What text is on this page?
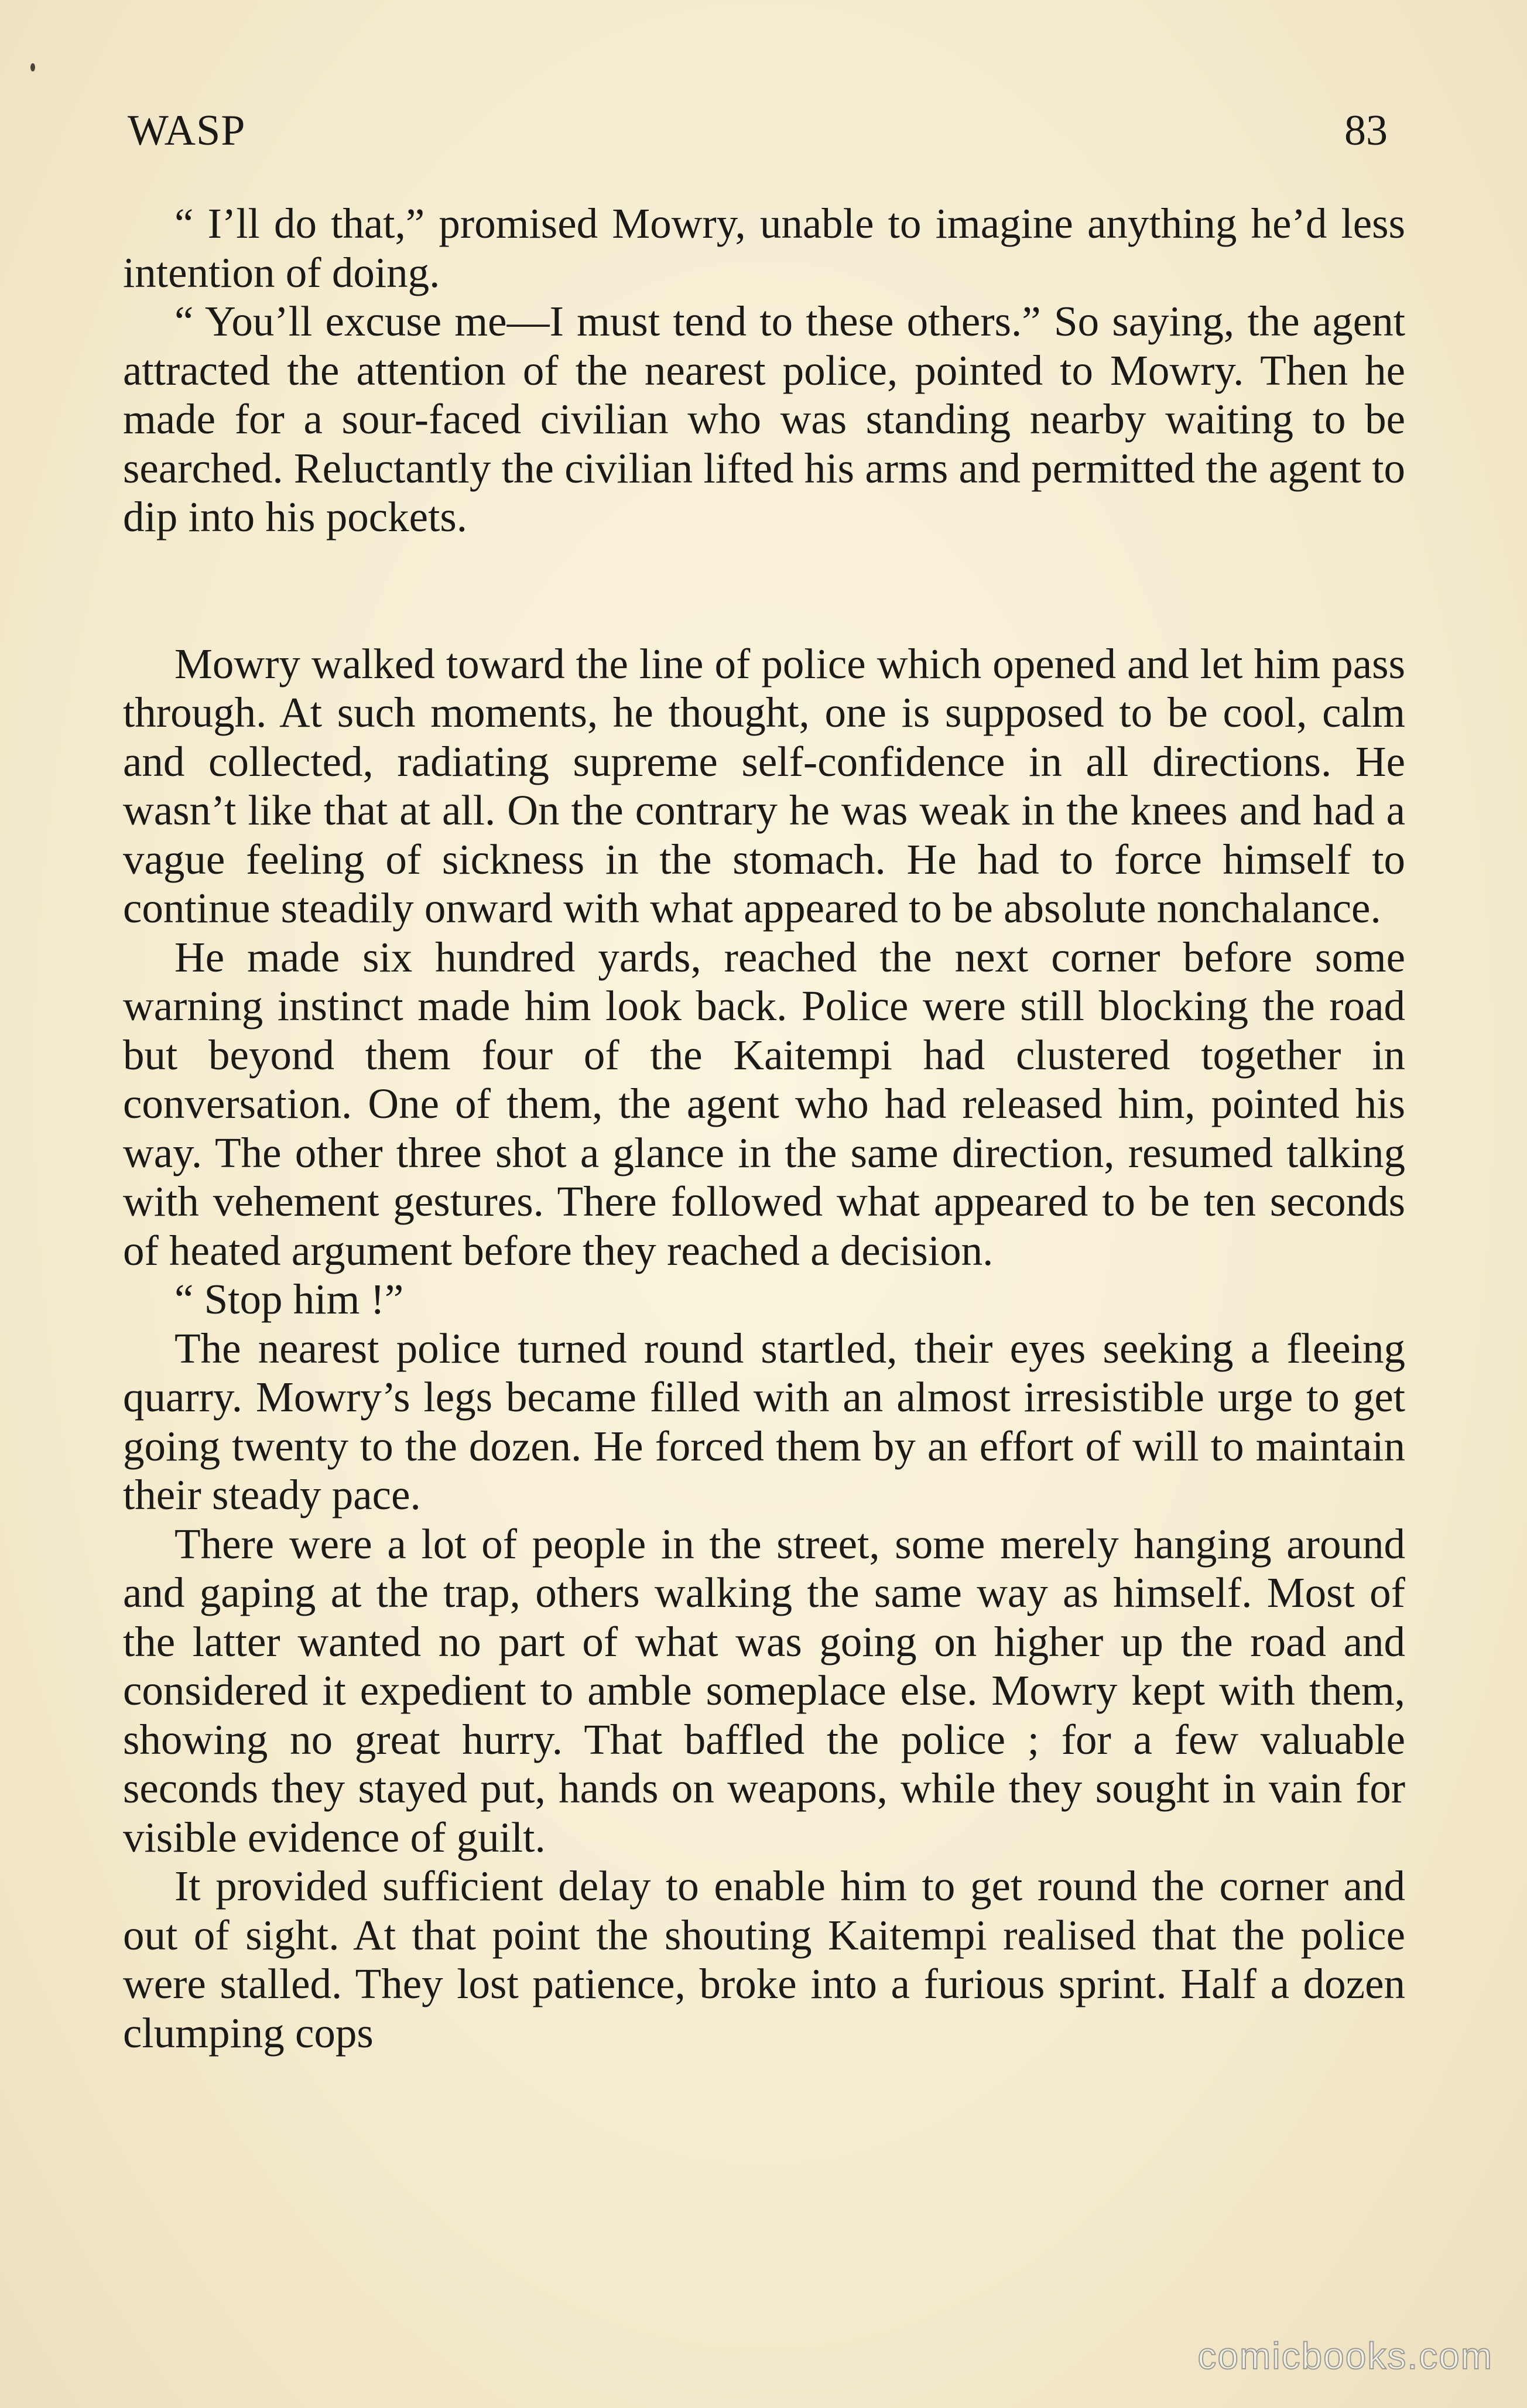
WASP	83

“ I’ll do that,” promised Mowry, unable to imagine anything he’d less intention of doing.

“ You’ll excuse me—I must tend to these others.” So saying, the agent attracted the attention of the nearest police, pointed to Mowry. Then he made for a sour-faced civilian who was standing nearby waiting to be searched. Reluctantly the civilian lifted his arms and permitted the agent to dip into his pockets.

Mowry walked toward the line of police which opened and let him pass through. At such moments, he thought, one is supposed to be cool, calm and collected, radiating supreme self-confidence in all directions. He wasn’t like that at all. On the contrary he was weak in the knees and had a vague feeling of sickness in the stomach. He had to force himself to continue steadily onward with what appeared to be absolute nonchalance.

He made six hundred yards, reached the next corner before some warning instinct made him look back. Police were still blocking the road but beyond them four of the Kaitempi had clustered together in conversation. One of them, the agent who had released him, pointed his way. The other three shot a glance in the same direction, resumed talking with vehement gestures. There followed what appeared to be ten seconds of heated argument before they reached a decision.

“ Stop him !”

The nearest police turned round startled, their eyes seeking a fleeing quarry. Mowry’s legs became filled with an almost irresistible urge to get going twenty to the dozen. He forced them by an effort of will to maintain their steady pace.

There were a lot of people in the street, some merely hanging around and gaping at the trap, others walking the same way as himself. Most of the latter wanted no part of what was going on higher up the road and considered it expedient to amble someplace else. Mowry kept with them, showing no great hurry. That baffled the police ; for a few valuable seconds they stayed put, hands on weapons, while they sought in vain for visible evidence of guilt.

It provided sufficient delay to enable him to get round the corner and out of sight. At that point the shouting Kaitempi realised that the police were stalled. They lost patience, broke into a furious sprint. Half a dozen clumping cops

comicbooks.com
